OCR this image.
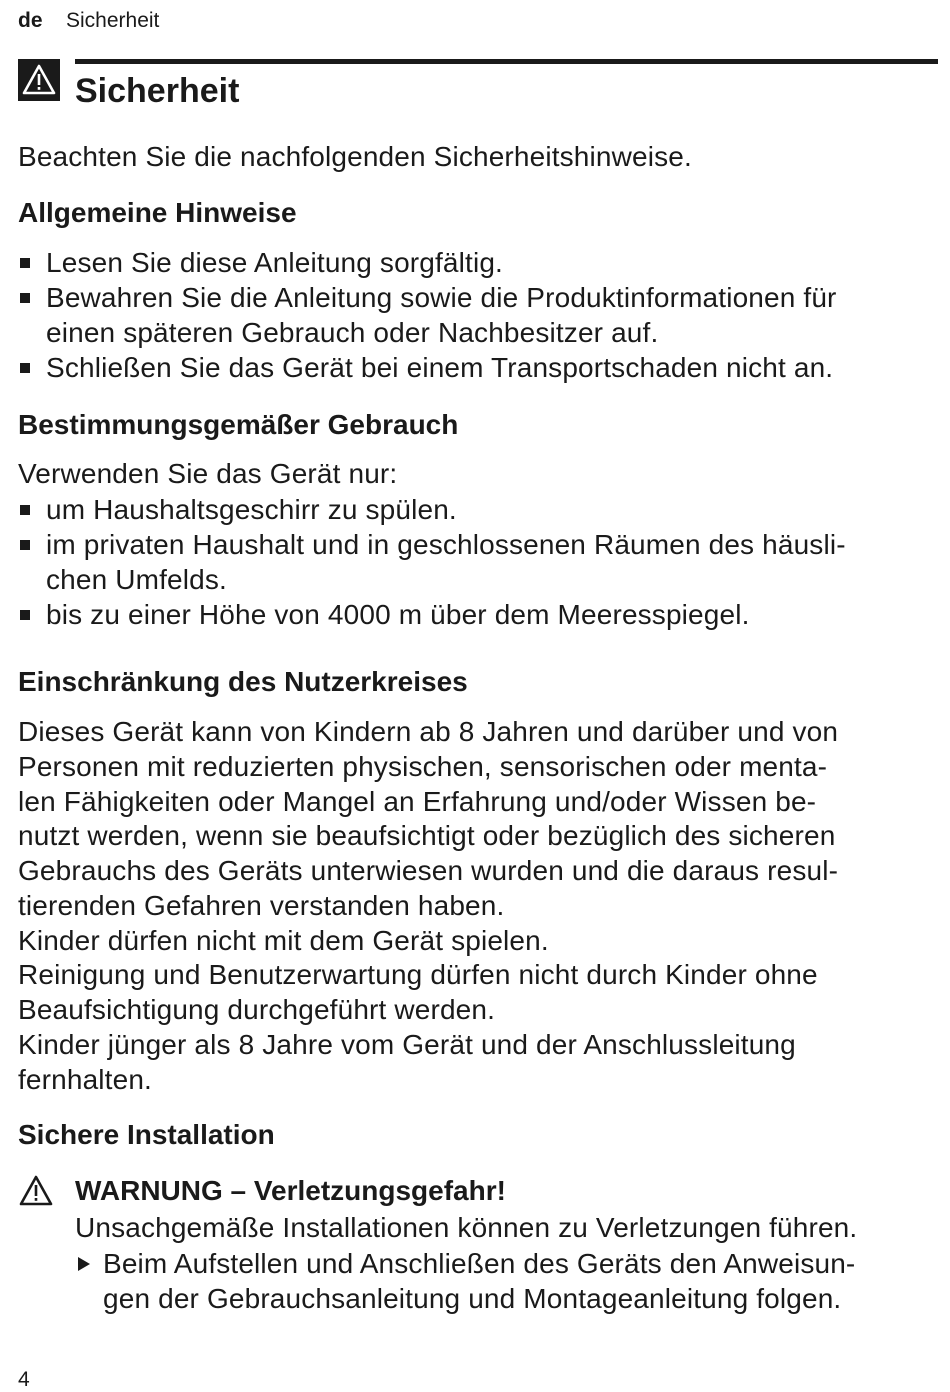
de Sicherheit
Sicherheit
Beachten Sie die nachfolgenden Sicherheitshinweise.
Allgemeine Hinweise
Lesen Sie diese Anleitung sorgfältig.
Bewahren Sie die Anleitung sowie die Produktinformationen für
einen späteren Gebrauch oder Nachbesitzer auf.
Schließen Sie das Gerät bei einem Transportschaden nicht an.
Bestimmungsgemäßer Gebrauch
Verwenden Sie das Gerät nur:
um Haushaltsgeschirr zu spülen.
im privaten Haushalt und in geschlossenen Räumen des häusli-
chen Umfelds.
bis zu einer Höhe von 4000 m über dem Meeresspiegel.
Einschränkung des Nutzerkreises
Dieses Gerät kann von Kindern ab 8 Jahren und darüber und von
Personen mit reduzierten physischen, sensorischen oder menta-
len Fähigkeiten oder Mangel an Erfahrung und/oder Wissen be-
nutzt werden, wenn sie beaufsichtigt oder bezüglich des sicheren
Gebrauchs des Geräts unterwiesen wurden und die daraus resul-
tierenden Gefahren verstanden haben.
Kinder dürfen nicht mit dem Gerät spielen.
Reinigung und Benutzerwartung dürfen nicht durch Kinder ohne
Beaufsichtigung durchgeführt werden.
Kinder jünger als 8 Jahre vom Gerät und der Anschlussleitung
fernhalten.
Sichere Installation
WARNUNG – Verletzungsgefahr!
Unsachgemäße Installationen können zu Verletzungen führen.
Beim Aufstellen und Anschließen des Geräts den Anweisun-
gen der Gebrauchsanleitung und Montageanleitung folgen.
4
